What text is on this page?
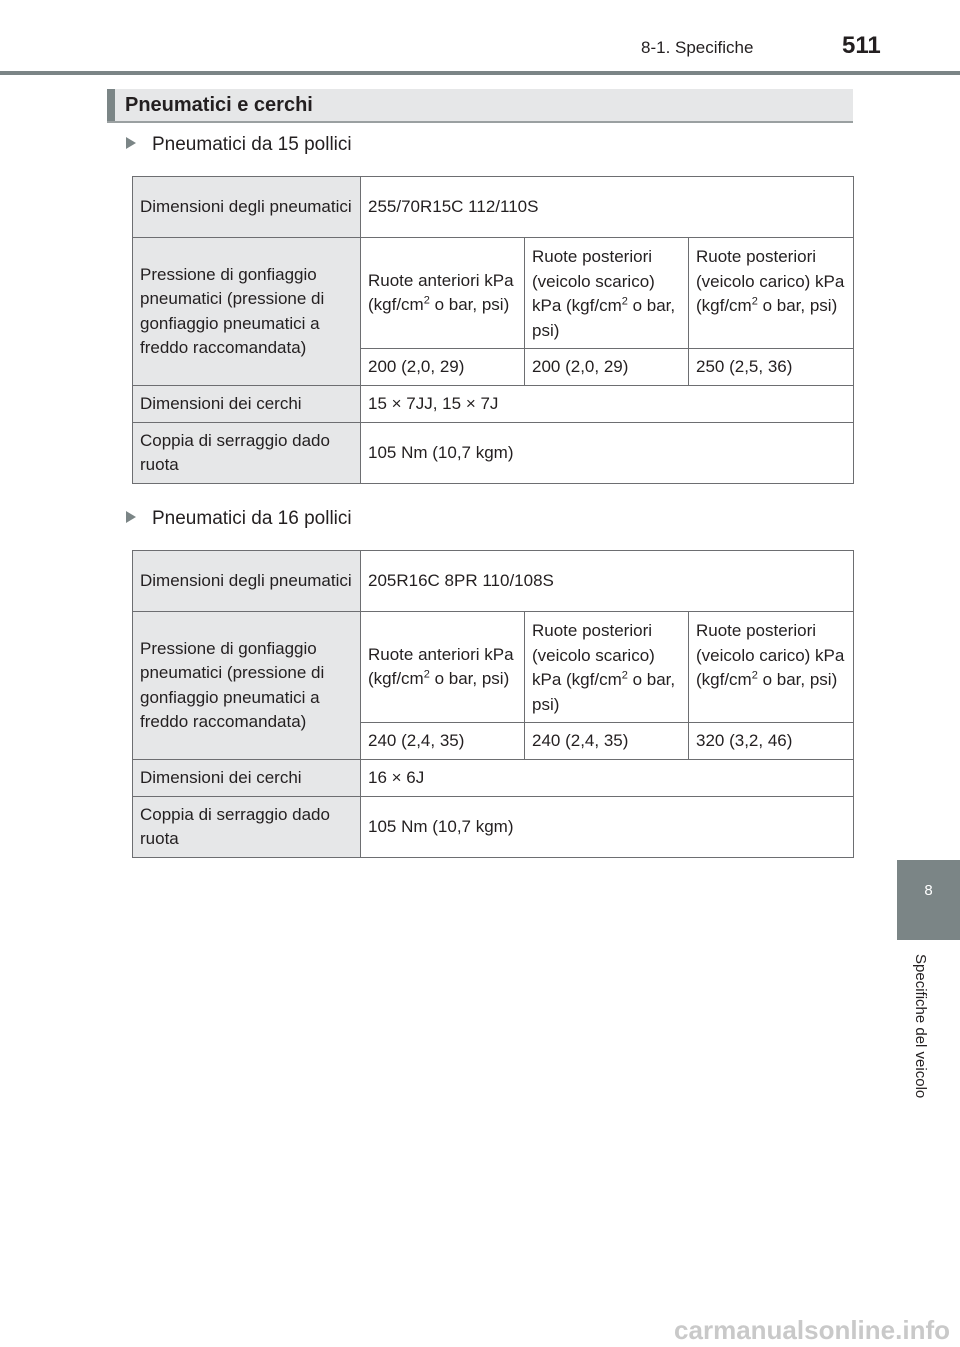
8-1. Specifiche	511
Pneumatici e cerchi
Pneumatici da 15 pollici
Dimensioni degli pneumatici	255/70R15C 112/110S		
Pressione di gonfiaggio pneumatici (pressione di gonfiaggio pneumatici a freddo raccomandata)	Ruote anteriori kPa ($kgf/cm^2$ o bar, psi)	Ruote posteriori (veicolo scarico) kPa ($kgf/cm^2$ o bar, psi)	Ruote posteriori (veicolo carico) kPa ($kgf/cm^2$ o bar, psi)
	200 (2,0, 29)	200 (2,0, 29)	250 (2,5, 36)
Dimensioni dei cerchi	15 × 7JJ, 15 × 7J		
Coppia di serraggio dado ruota	105 Nm (10,7 kgm)		
Pneumatici da 16 pollici
Dimensioni degli pneumatici	205R16C 8PR 110/108S		
Pressione di gonfiaggio pneumatici (pressione di gonfiaggio pneumatici a freddo raccomandata)	Ruote anteriori kPa ($kgf/cm^2$ o bar, psi)	Ruote posteriori (veicolo scarico) kPa ($kgf/cm^2$ o bar, psi)	Ruote posteriori (veicolo carico) kPa ($kgf/cm^2$ o bar, psi)
	240 (2,4, 35)	240 (2,4, 35)	320 (3,2, 46)
Dimensioni dei cerchi	16 × 6J		
Coppia di serraggio dado ruota	105 Nm (10,7 kgm)		
8
Specifiche del veicolo
carmanualsonline.info
